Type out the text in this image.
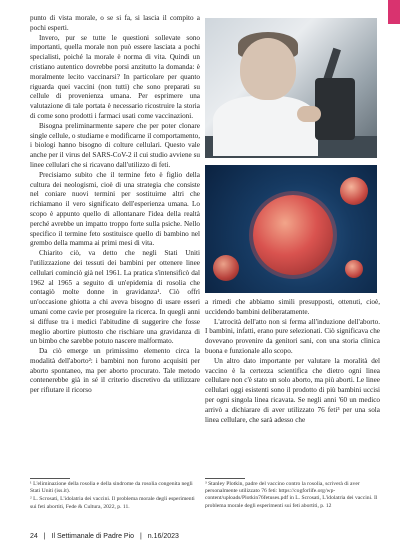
punto di vista morale, o se si fa, si lascia il compito a pochi esperti.

Invero, pur se tutte le questioni sollevate sono importanti, quella morale non può essere lasciata a pochi specialisti, poiché la morale è norma di vita. Quindi un cristiano autentico dovrebbe porsi anzitutto la domanda: è moralmente lecito vaccinarsi? In particolare per quanto riguarda quei vaccini (non tutti) che sono preparati su cellule di provenienza umana. Per esprimere una valutazione di tale portata è necessario ricostruire la storia di come sono prodotti i farmaci usati come vaccinazioni.

Bisogna preliminarmente sapere che per poter clonare single cellule, o studiarne e modificarne il comportamento, i biologi hanno bisogno di colture cellulari. Questo vale anche per il virus del SARS-CoV-2 il cui studio avviene su linee cellulari che si ricavano dall'utilizzo di feti.

Precisiamo subito che il termine feto è figlio della cultura dei neologismi, cioè di una strategia che consiste nel coniare nuovi termini per sostituirne altri che richiamano il vero significato dell'esperienza umana. Lo scopo è appunto quello di allontanare l'idea della realtà perché avrebbe un impatto troppo forte sulla psiche. Nello specifico il termine feto sostituisce quello di bambino nel grembo della mamma ai primi mesi di vita.

Chiarito ciò, va detto che negli Stati Uniti l'utilizzazione dei tessuti dei bambini per ottenere linee cellulari cominciò già nel 1961. La pratica s'intensificò dal 1962 al 1965 a seguito di un'epidemia di rosolia che contagiò molte donne in gravidanza¹. Ciò offrì un'occasione ghiotta a chi aveva bisogno di usare esseri umani come cavie per proseguire la ricerca. In quegli anni si diffuse tra i medici l'abitudine di suggerire che fosse meglio abortire piuttosto che rischiare una gravidanza di un bimbo che sarebbe potuto nascere malformato.

Da ciò emerge un primissimo elemento circa la modalità dell'aborto²: i bambini non furono acquisiti per aborto spontaneo, ma per aborto procurato. Tale metodo contenerebbe già in sé il criterio discretivo da utilizzare per rifiutare il ricorso

a rimedi che abbiamo simili presupposti, ottenuti, cioè, uccidendo bambini deliberatamente.

L'atrocità dell'atto non si ferma all'induzione dell'aborto. I bambini, infatti, erano pure selezionati. Ciò significava che dovevano provenire da genitori sani, con una storia clinica buona e funzionale allo scopo.

Un altro dato importante per valutare la moralità del vaccino è la certezza scientifica che dietro ogni linea cellulare non c'è stato un solo aborto, ma più aborti. Le linee cellulari oggi esistenti sono il prodotto di più bambini uccisi per ogni singola linea ricavata. Se negli anni '60 un medico arrivò a dichiarare di aver utilizzato 76 feti³ per una sola linea cellulare, che sarà adesso che

¹ L'eliminazione della rosolia e della sindrome da rosolia congenita negli Stati Uniti (iss.it).

² L. Scrosati, L'idolatria dei vaccini. Il problema morale degli esperimenti sui feti abortiti, Fede & Cultura, 2022, p. 11.

³ Stanley Plotkin, padre del vaccino contro la rosolia, scriverà di aver personalmente utilizzato 76 feti: https://cogforlife.org/wp-content/uploads/Plotkin76fetuses.pdf in L. Scrosati, L'idolatria dei vaccini. Il problema morale degli esperimenti sui feti abortiti, p. 12

24 | Il Settimanale di Padre Pio | n.16/2023
